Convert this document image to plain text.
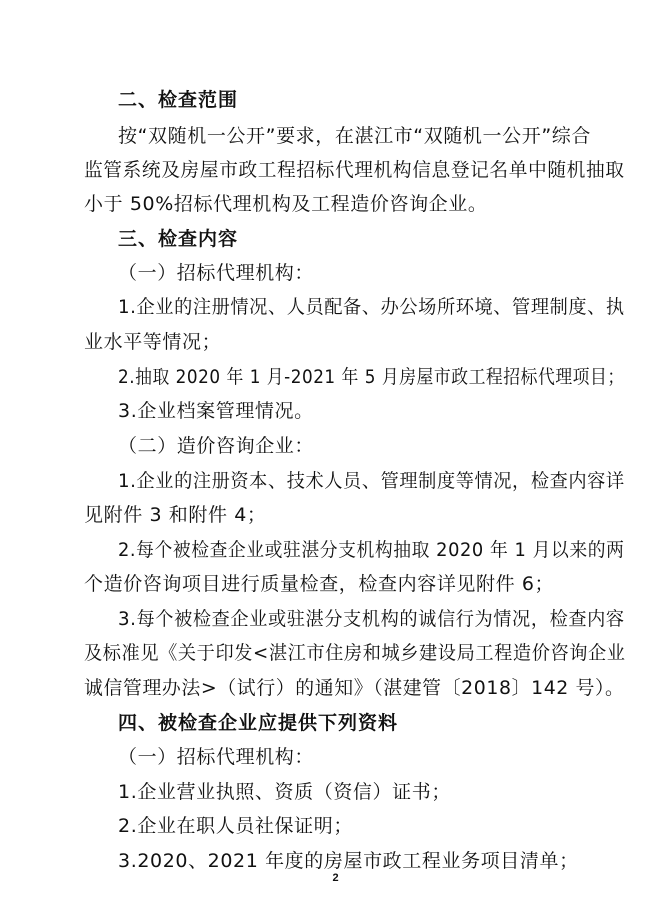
二、检查范围
按“双随机一公开”要求，在湛江市“双随机一公开”综合
监管系统及房屋市政工程招标代理机构信息登记名单中随机抽取
小于 50%招标代理机构及工程造价咨询企业。
三、检查内容
（一）招标代理机构：
1.企业的注册情况、人员配备、办公场所环境、管理制度、执
业水平等情况；
2.抽取 2020 年 1 月-2021 年 5 月房屋市政工程招标代理项目；
3.企业档案管理情况。
（二）造价咨询企业：
1.企业的注册资本、技术人员、管理制度等情况，检查内容详
见附件 3 和附件 4；
2.每个被检查企业或驻湛分支机构抽取 2020 年 1 月以来的两
个造价咨询项目进行质量检查，检查内容详见附件 6；
3.每个被检查企业或驻湛分支机构的诚信行为情况，检查内容
及标准见《关于印发<湛江市住房和城乡建设局工程造价咨询企业
诚信管理办法>（试行）的通知》（湛建管〔2018〕142 号）。
四、被检查企业应提供下列资料
（一）招标代理机构：
1.企业营业执照、资质（资信）证书；
2.企业在职人员社保证明；
3.2020、2021 年度的房屋市政工程业务项目清单；
2
